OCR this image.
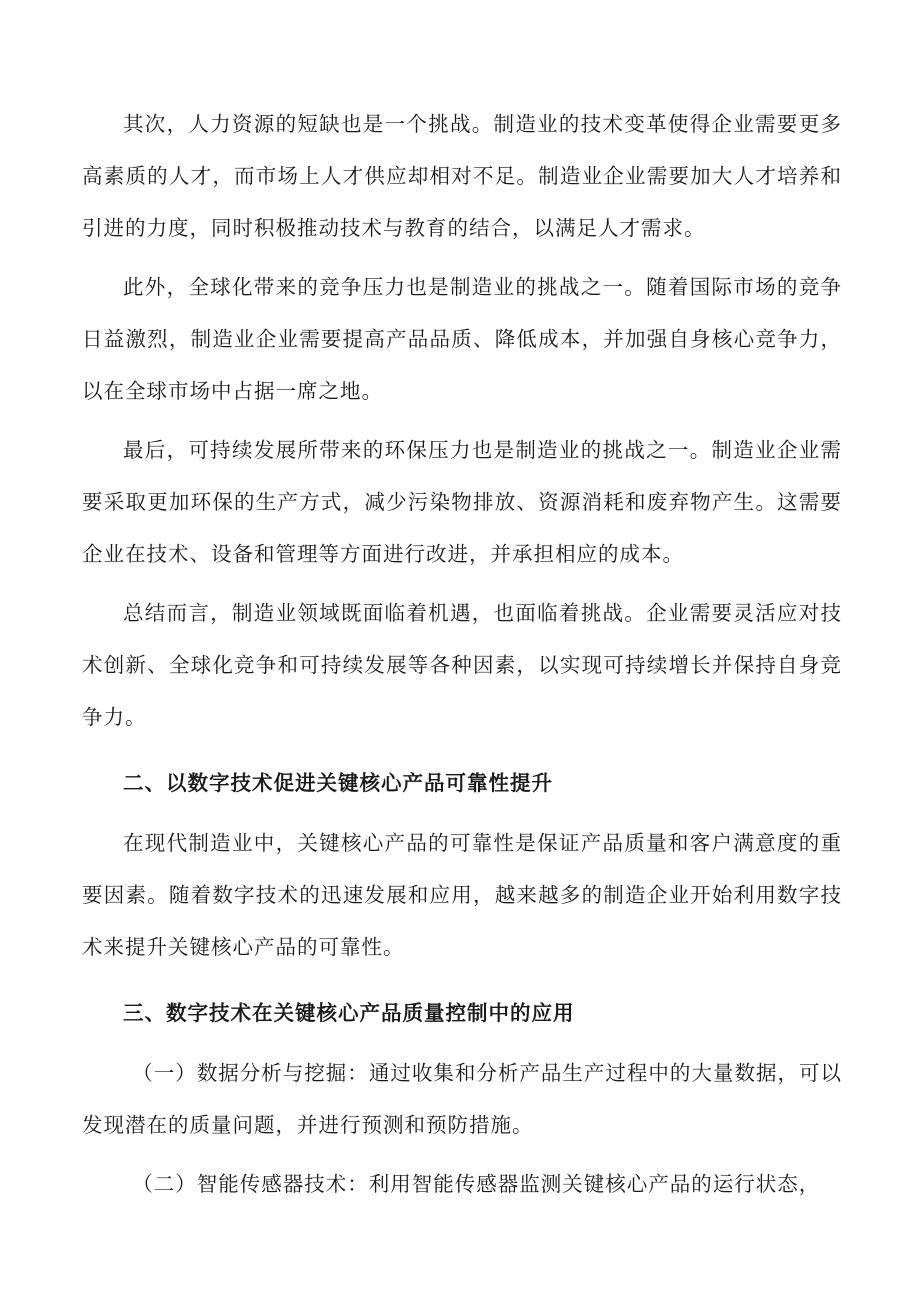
其次，人力资源的短缺也是一个挑战。制造业的技术变革使得企业需要更多高素质的人才，而市场上人才供应却相对不足。制造业企业需要加大人才培养和引进的力度，同时积极推动技术与教育的结合，以满足人才需求。

此外，全球化带来的竞争压力也是制造业的挑战之一。随着国际市场的竞争日益激烈，制造业企业需要提高产品品质、降低成本，并加强自身核心竞争力，以在全球市场中占据一席之地。

最后，可持续发展所带来的环保压力也是制造业的挑战之一。制造业企业需要采取更加环保的生产方式，减少污染物排放、资源消耗和废弃物产生。这需要企业在技术、设备和管理等方面进行改进，并承担相应的成本。

总结而言，制造业领域既面临着机遇，也面临着挑战。企业需要灵活应对技术创新、全球化竞争和可持续发展等各种因素，以实现可持续增长并保持自身竞争力。

二、以数字技术促进关键核心产品可靠性提升

在现代制造业中，关键核心产品的可靠性是保证产品质量和客户满意度的重要因素。随着数字技术的迅速发展和应用，越来越多的制造企业开始利用数字技术来提升关键核心产品的可靠性。

三、数字技术在关键核心产品质量控制中的应用

（一）数据分析与挖掘：通过收集和分析产品生产过程中的大量数据，可以发现潜在的质量问题，并进行预测和预防措施。

（二）智能传感器技术：利用智能传感器监测关键核心产品的运行状态，
